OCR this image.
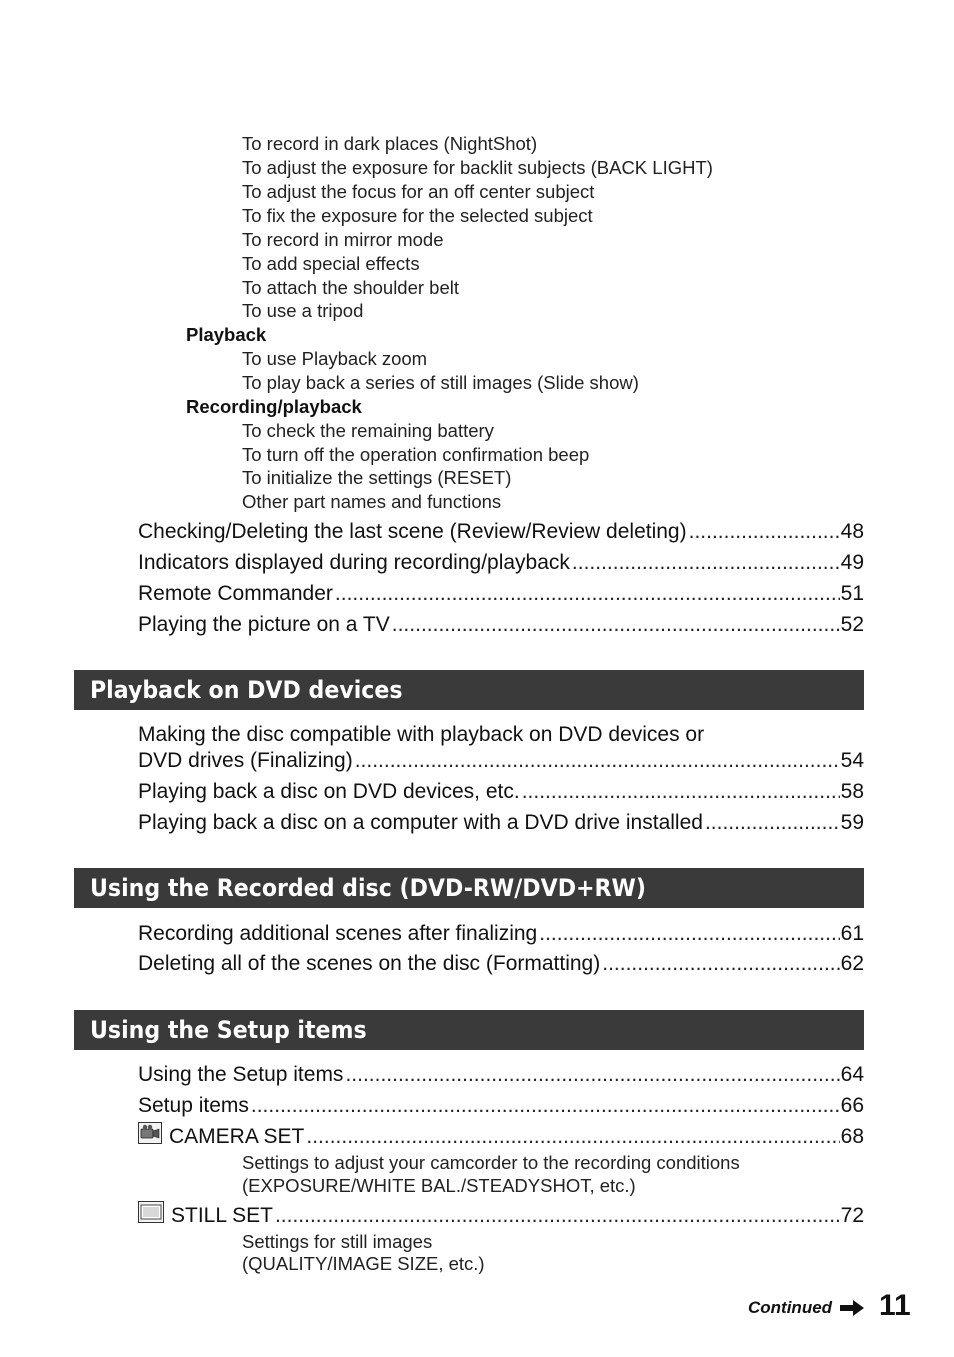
To record in dark places (NightShot)
To adjust the exposure for backlit subjects (BACK LIGHT)
To adjust the focus for an off center subject
To fix the exposure for the selected subject
To record in mirror mode
To add special effects
To attach the shoulder belt
To use a tripod
Playback
To use Playback zoom
To play back a series of still images (Slide show)
Recording/playback
To check the remaining battery
To turn off the operation confirmation beep
To initialize the settings (RESET)
Other part names and functions
Checking/Deleting the last scene (Review/Review deleting) .....	48
Indicators displayed during recording/playback .....	49
Remote Commander .....	51
Playing the picture on a TV .....	52
Playback on DVD devices
Making the disc compatible with playback on DVD devices or
DVD drives (Finalizing) .....	54
Playing back a disc on DVD devices, etc. .....	58
Playing back a disc on a computer with a DVD drive installed .....	59
Using the Recorded disc (DVD-RW/DVD+RW)
Recording additional scenes after finalizing .....	61
Deleting all of the scenes on the disc (Formatting) .....	62
Using the Setup items
Using the Setup items .....	64
Setup items .....	66
CAMERA SET .....	68
Settings to adjust your camcorder to the recording conditions
(EXPOSURE/WHITE BAL./STEADYSHOT, etc.)
STILL SET .....	72
Settings for still images
(QUALITY/IMAGE SIZE, etc.)
Continued 11
